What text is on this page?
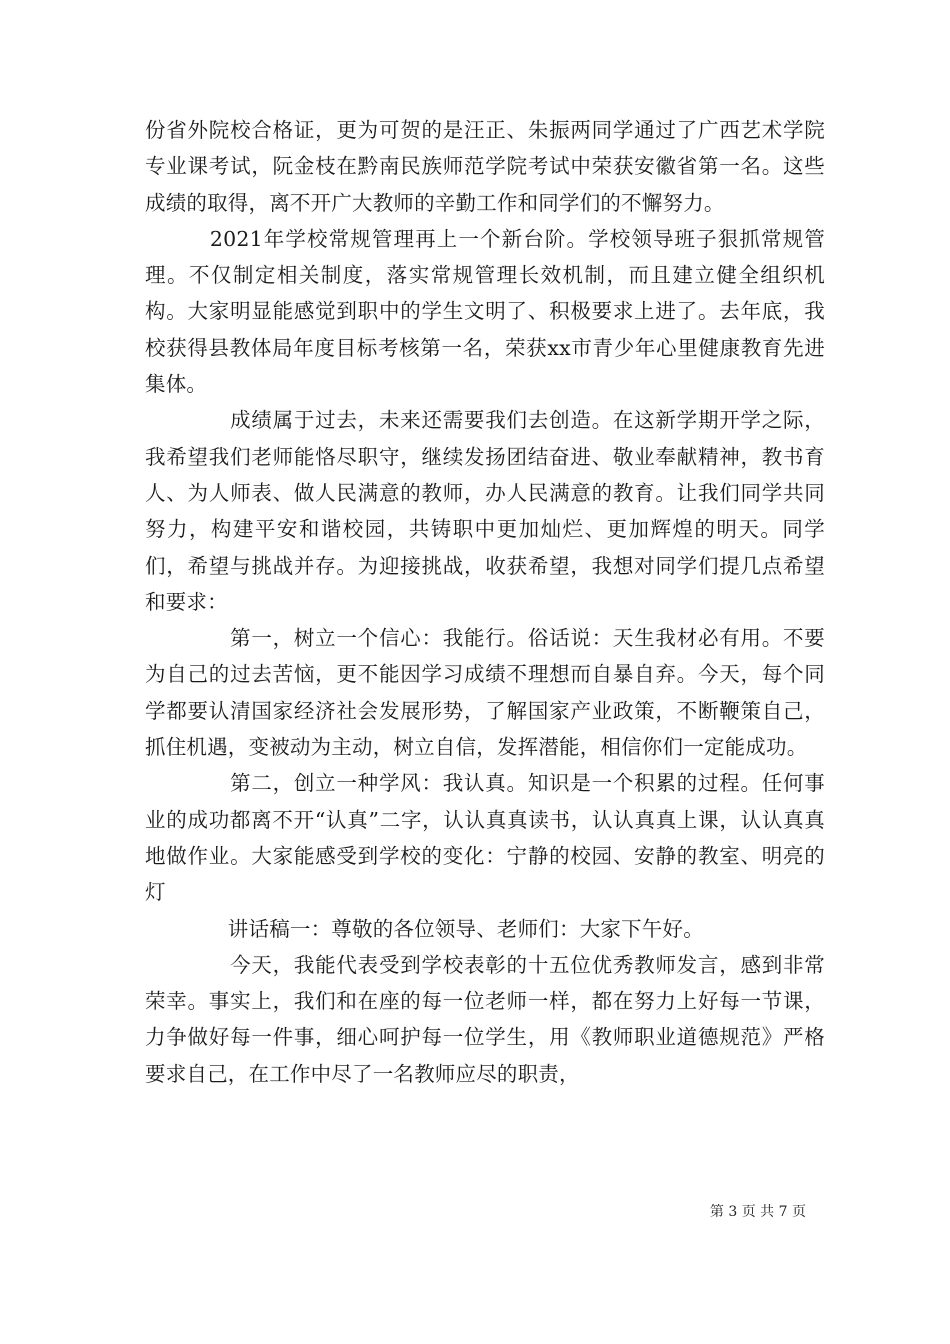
份省外院校合格证，更为可贺的是汪正、朱振两同学通过了广西艺术学院专业课考试，阮金枝在黔南民族师范学院考试中荣获安徽省第一名。这些成绩的取得，离不开广大教师的辛勤工作和同学们的不懈努力。

　　　2021年学校常规管理再上一个新台阶。学校领导班子狠抓常规管理。不仅制定相关制度，落实常规管理长效机制，而且建立健全组织机构。大家明显能感觉到职中的学生文明了、积极要求上进了。去年底，我校获得县教体局年度目标考核第一名，荣获xx市青少年心里健康教育先进集体。

　　　　成绩属于过去，未来还需要我们去创造。在这新学期开学之际，我希望我们老师能恪尽职守，继续发扬团结奋进、敬业奉献精神，教书育人、为人师表、做人民满意的教师，办人民满意的教育。让我们同学共同努力，构建平安和谐校园，共铸职中更加灿烂、更加辉煌的明天。同学们，希望与挑战并存。为迎接挑战，收获希望，我想对同学们提几点希望和要求：

　　　　第一，树立一个信心：我能行。俗话说：天生我材必有用。不要为自己的过去苦恼，更不能因学习成绩不理想而自暴自弃。今天，每个同学都要认清国家经济社会发展形势，了解国家产业政策，不断鞭策自己，抓住机遇，变被动为主动，树立自信，发挥潜能，相信你们一定能成功。

　　　　第二，创立一种学风：我认真。知识是一个积累的过程。任何事业的成功都离不开“认真”二字，认认真真读书，认认真真上课，认认真真地做作业。大家能感受到学校的变化：宁静的校园、安静的教室、明亮的灯

　　　　讲话稿一：尊敬的各位领导、老师们：大家下午好。

　　　　今天，我能代表受到学校表彰的十五位优秀教师发言，感到非常荣幸。事实上，我们和在座的每一位老师一样，都在努力上好每一节课，力争做好每一件事，细心呵护每一位学生，用《教师职业道德规范》严格要求自己，在工作中尽了一名教师应尽的职责，

第 3 页 共 7 页
